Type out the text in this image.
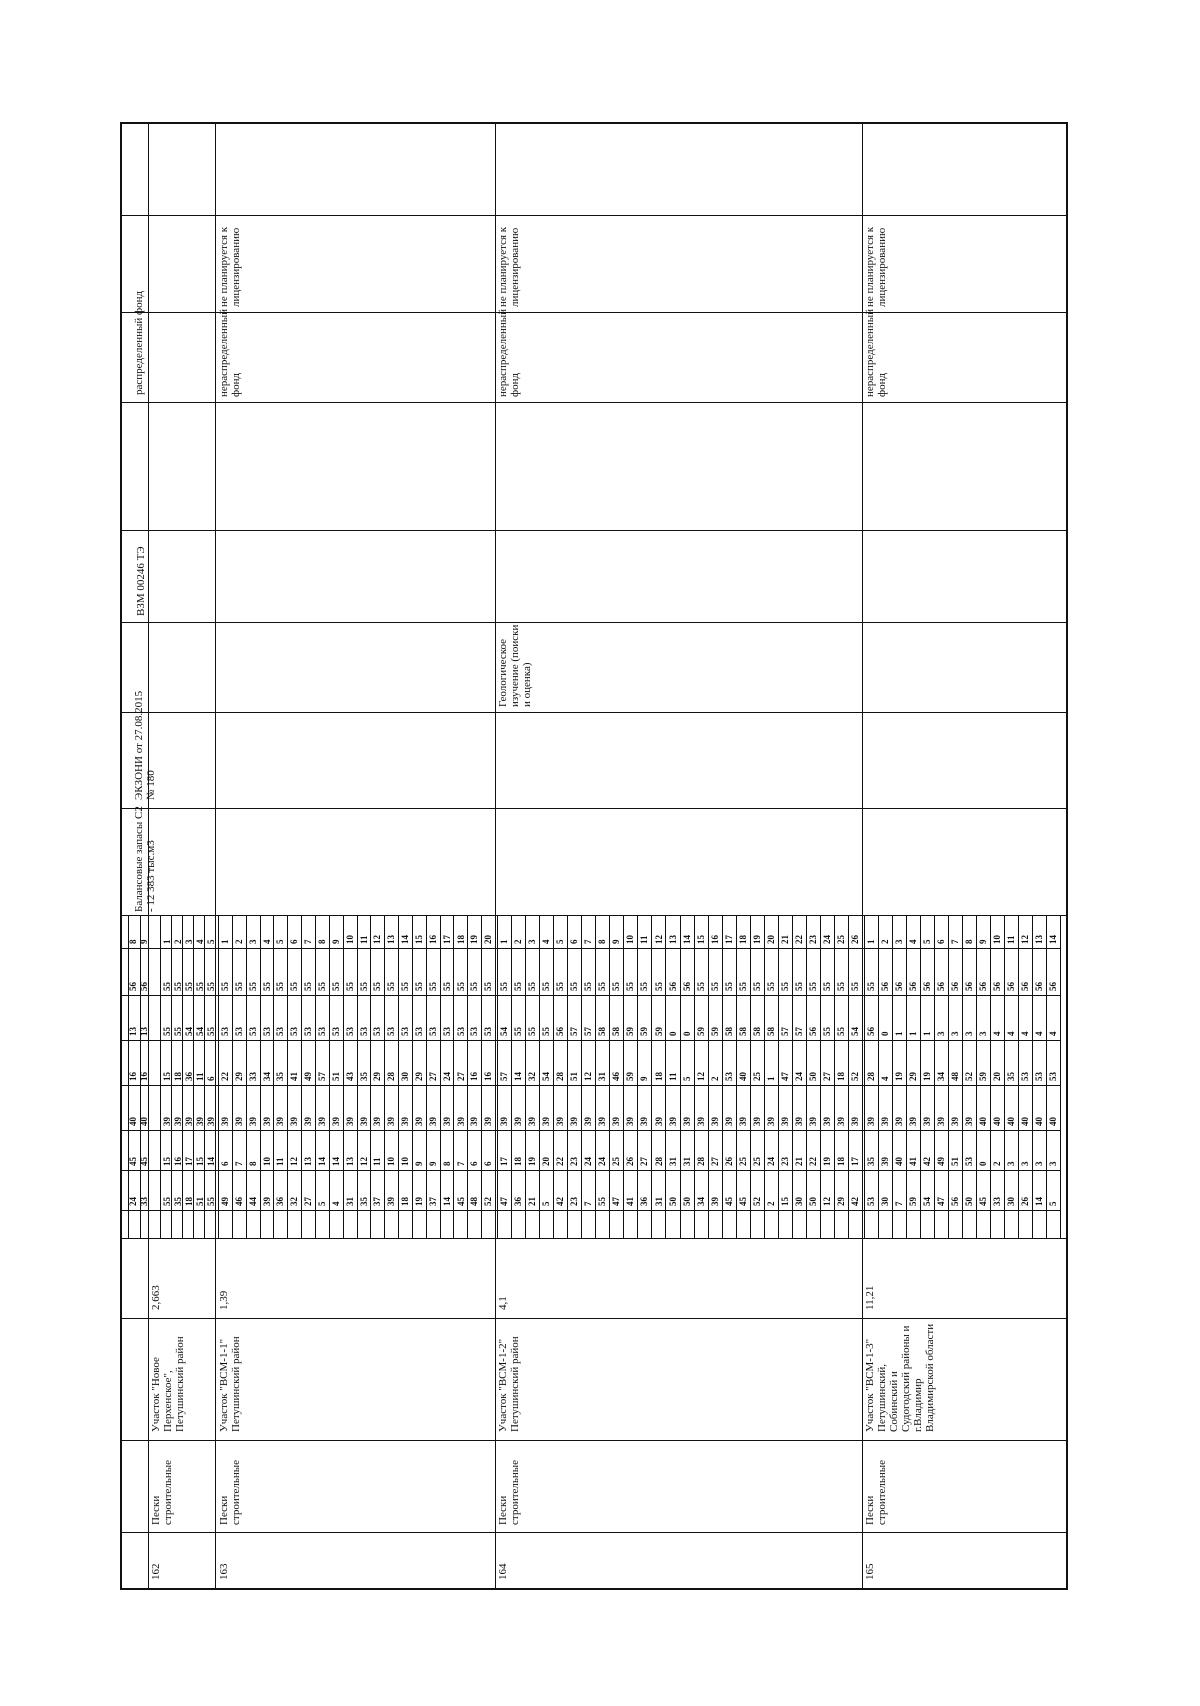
1
55
55
15
39
15
55
2
55
55
18
39
16
35
3
55
54
36
39
17
18
4
55
54
11
39
15
51
5
55
55
6
39
14
55
1
55
53
22
39
6
49
2
55
53
29
39
7
46
3
55
53
33
39
8
44
4
55
53
34
39
10
39
5
55
53
35
39
11
36
6
55
53
41
39
12
32
7
55
53
49
39
13
27
8
55
53
57
39
14
5
9
55
53
51
39
14
4
10
55
53
43
39
13
31
11
55
53
35
39
12
35
12
55
53
29
39
11
37
13
55
53
28
39
10
39
14
55
53
30
39
10
18
15
55
53
29
39
9
19
16
55
53
27
39
9
37
17
55
53
24
39
8
14
18
55
53
27
39
7
45
19
55
53
16
39
6
48
20
55
53
16
39
6
52
1
55
54
57
39
17
47
2
55
55
14
39
18
36
3
55
55
32
39
19
21
4
55
55
54
39
20
5
5
55
56
28
39
22
42
6
55
57
51
39
23
23
7
55
57
12
39
24
7
8
55
58
31
39
24
55
9
55
58
46
39
25
47
10
55
59
59
39
26
41
11
55
59
9
39
27
36
12
55
59
18
39
28
31
13
56
0
11
39
31
50
14
56
0
5
39
31
50
15
55
59
12
39
28
34
16
55
59
2
39
27
39
17
55
58
53
39
26
45
18
55
58
40
39
25
45
19
55
58
25
39
25
52
20
55
58
1
39
24
2
21
55
57
47
39
23
15
22
55
57
24
39
21
30
23
55
56
50
39
22
50
24
55
55
27
39
19
12
25
55
55
18
39
18
29
26
55
54
52
39
17
42
1
55
56
28
39
35
53
2
56
0
4
39
39
30
3
56
1
19
39
40
7
4
56
1
29
39
41
59
5
56
1
19
39
42
54
6
56
3
34
39
49
47
7
56
3
48
39
51
56
8
56
3
52
39
53
50
9
56
3
59
40
0
45
10
56
4
20
40
2
33
11
56
4
35
40
3
30
12
56
4
53
40
3
26
13
56
4
53
40
3
14
14
56
4
53
40
3
5
8
56
13
16
40
45
24
9
56
13
16
40
45
33
Балансовые запасы С2 - 12 383 тыс.м3
ЭКЗОНИ от 27.08.2015 № 180
ВЗМ 00246 ТЭ
распределенный фонд
162
Пески строительные
Участок "Новое Перхенское", Петушинский район
2,663
163
Пески строительные
Участок "ВСМ-1-1" Петушинский район
1,39
нераспределенный фонд
не планируется к лицензированию
164
Пески строительные
Участок "ВСМ-1-2" Петушинский район
4,1
Геологическое изучение (поиски и оценка)
нераспределенный фонд
не планируется к лицензированию
165
Пески строительные
Участок "ВСМ-1-3" Петушинский, Собинский и Судогодский районы и г.Владимир Владимирской области
11,21
нераспределенный фонд
не планируется к лицензированию
